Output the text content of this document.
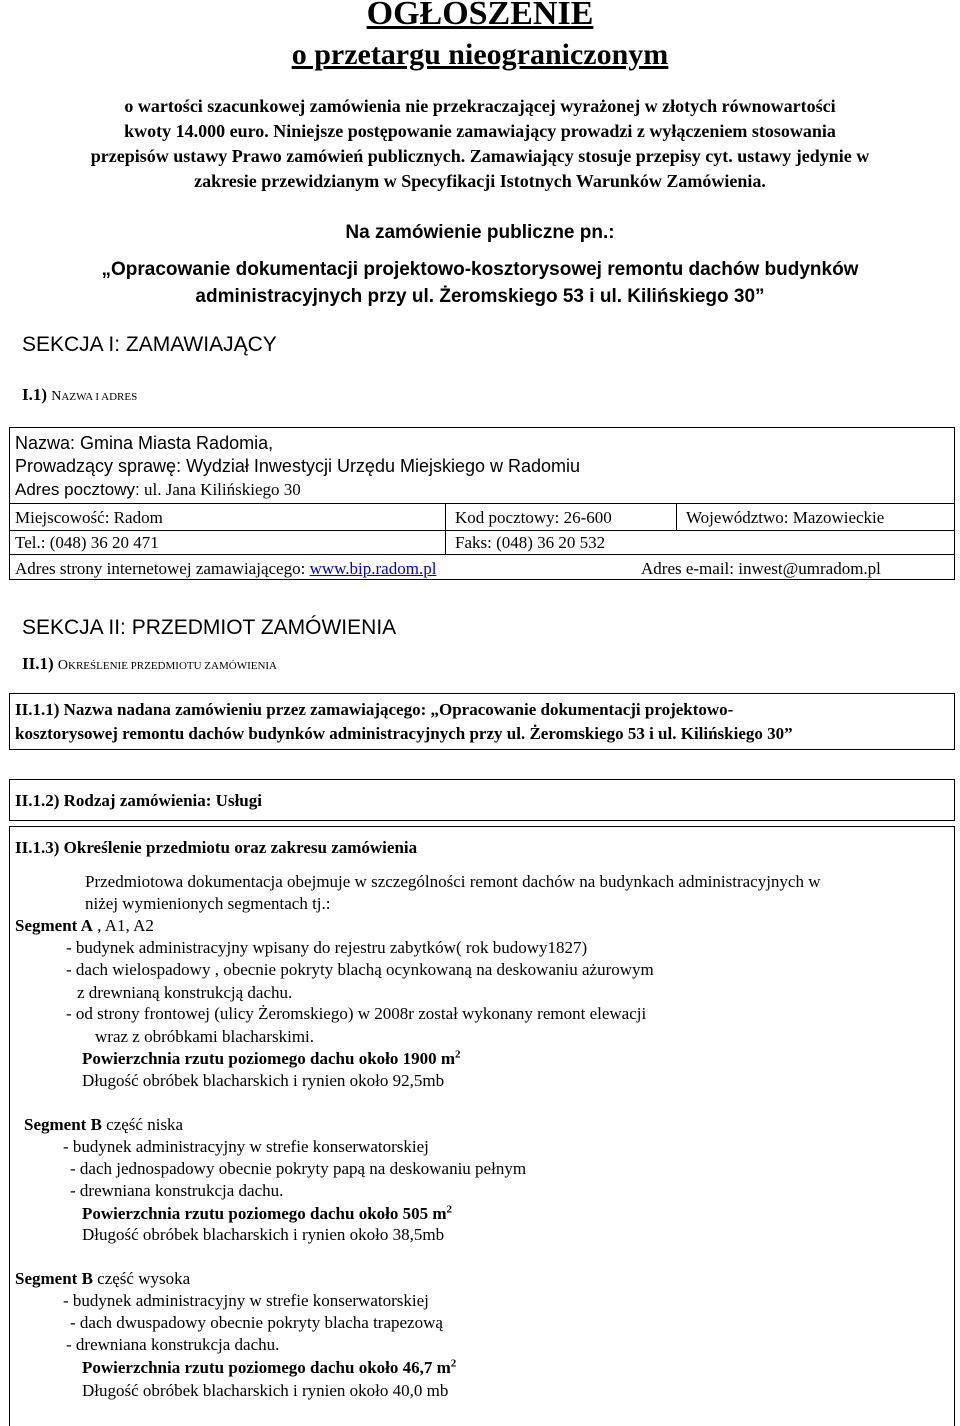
OGŁOSZENIE
o przetargu nieograniczonym
o wartości szacunkowej zamówienia nie przekraczającej wyrażonej w złotych równowartości
kwoty 14.000 euro. Niniejsze postępowanie zamawiający prowadzi z wyłączeniem stosowania
przepisów ustawy Prawo zamówień publicznych. Zamawiający stosuje przepisy cyt. ustawy jedynie w
zakresie przewidzianym w Specyfikacji Istotnych Warunków Zamówienia.
Na zamówienie publiczne pn.:
„Opracowanie dokumentacji projektowo-kosztorysowej remontu dachów budynków
administracyjnych przy ul. Żeromskiego 53 i ul. Kilińskiego 30”
SEKCJA I: ZAMAWIAJĄCY
I.1) NAZWA I ADRES
Nazwa: Gmina Miasta Radomia,
Prowadzący sprawę: Wydział Inwestycji Urzędu Miejskiego w Radomiu
Adres pocztowy: ul. Jana Kilińskiego 30
Miejscowość: Radom	Kod pocztowy: 26-600	Województwo: Mazowieckie
Tel.: (048) 36 20 471	Faks: (048) 36 20 532
Adres strony internetowej zamawiającego: www.bip.radom.pl	Adres e-mail: inwest@umradom.pl
SEKCJA II: PRZEDMIOT ZAMÓWIENIA
II.1) OKREŚLENIE PRZEDMIOTU ZAMÓWIENIA
II.1.1) Nazwa nadana zamówieniu przez zamawiającego: „Opracowanie dokumentacji projektowo-
kosztorysowej remontu dachów budynków administracyjnych przy ul. Żeromskiego 53 i ul. Kilińskiego 30”
II.1.2) Rodzaj zamówienia: Usługi
II.1.3) Określenie przedmiotu oraz zakresu zamówienia
Przedmiotowa dokumentacja obejmuje w szczególności remont dachów na budynkach administracyjnych w
niżej wymienionych segmentach tj.:
Segment A , A1, A2
- budynek administracyjny wpisany do rejestru zabytków( rok budowy1827)
- dach wielospadowy , obecnie pokryty blachą ocynkowaną na deskowaniu ażurowym
z drewnianą konstrukcją dachu.
- od strony frontowej (ulicy Żeromskiego) w 2008r został wykonany remont elewacji
wraz z obróbkami blacharskimi.
Powierzchnia rzutu poziomego dachu około 1900 $m^2$
Długość obróbek blacharskich i rynien około 92,5mb
Segment B część niska
- budynek administracyjny w strefie konserwatorskiej
- dach jednospadowy obecnie pokryty papą na deskowaniu pełnym
- drewniana konstrukcja dachu.
Powierzchnia rzutu poziomego dachu około 505 $m^2$
Długość obróbek blacharskich i rynien około 38,5mb
Segment B część wysoka
- budynek administracyjny w strefie konserwatorskiej
- dach dwuspadowy obecnie pokryty blacha trapezową
- drewniana konstrukcja dachu.
Powierzchnia rzutu poziomego dachu około 46,7 $m^2$
Długość obróbek blacharskich i rynien około 40,0 mb
